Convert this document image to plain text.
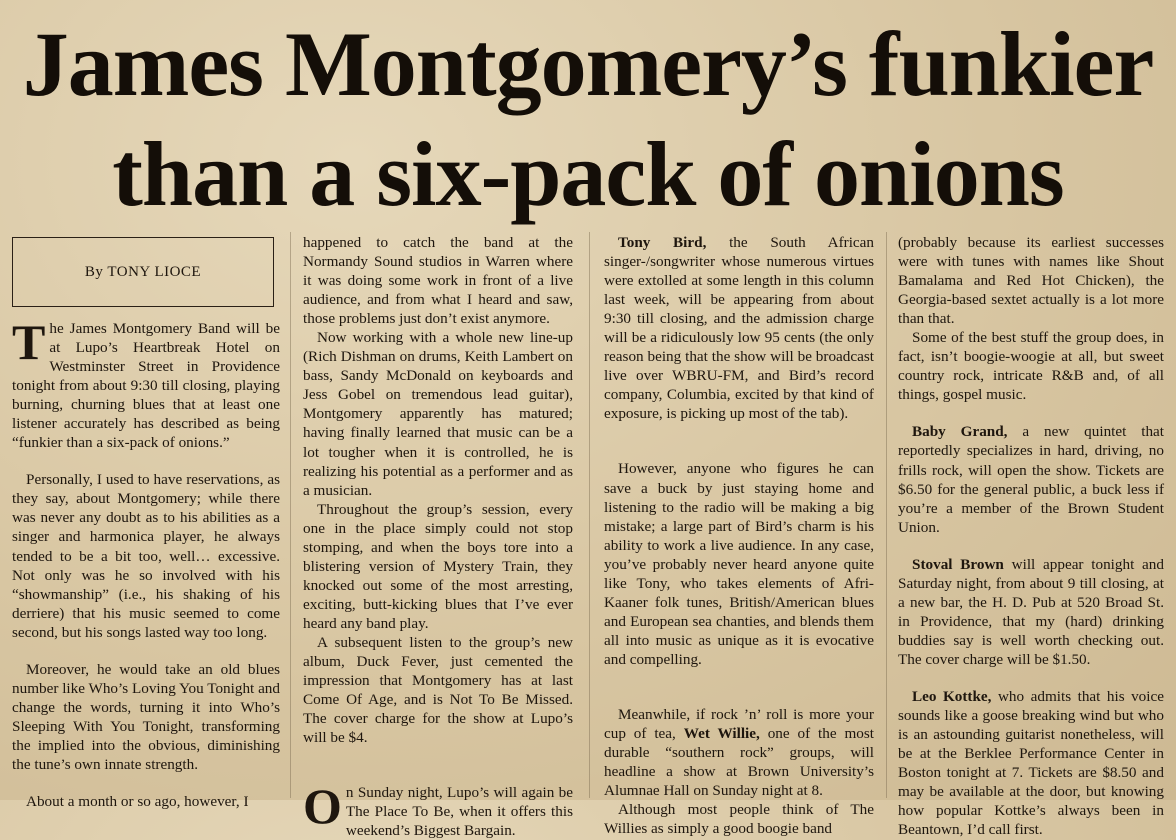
James Montgomery’s funkier
than a six-pack of onions
By TONY LIOCE

The James Montgomery Band will be at Lupo’s Heartbreak Hotel on Westminster Street in Providence tonight from about 9:30 till closing, playing burning, churning blues that at least one listener accurately has described as being “funkier than a six-pack of onions.”

Personally, I used to have reservations, as they say, about Montgomery; while there was never any doubt as to his abilities as a singer and harmonica player, he always tended to be a bit too, well… excessive. Not only was he so involved with his “showmanship” (i.e., his shaking of his derriere) that his music seemed to come second, but his songs lasted way too long.

Moreover, he would take an old blues number like Who’s Loving You Tonight and change the words, turning it into Who’s Sleeping With You Tonight, transforming the implied into the obvious, diminishing the tune’s own innate strength.

About a month or so ago, however, I

happened to catch the band at the Normandy Sound studios in Warren where it was doing some work in front of a live audience, and from what I heard and saw, those problems just don’t exist anymore.

Now working with a whole new line-up (Rich Dishman on drums, Keith Lambert on bass, Sandy McDonald on keyboards and Jess Gobel on tremendous lead guitar), Montgomery apparently has matured; having finally learned that music can be a lot tougher when it is controlled, he is realizing his potential as a performer and as a musician.

Throughout the group’s session, every one in the place simply could not stop stomping, and when the boys tore into a blistering version of Mystery Train, they knocked out some of the most arresting, exciting, butt-kicking blues that I’ve ever heard any band play.

A subsequent listen to the group’s new album, Duck Fever, just cemented the impression that Montgomery has at last Come Of Age, and is Not To Be Missed. The cover charge for the show at Lupo’s will be $4.

On Sunday night, Lupo’s will again be The Place To Be, when it offers this weekend’s Biggest Bargain.

Tony Bird, the South African singer-/songwriter whose numerous virtues were extolled at some length in this column last week, will be appearing from about 9:30 till closing, and the admission charge will be a ridiculously low 95 cents (the only reason being that the show will be broadcast live over WBRU-FM, and Bird’s record company, Columbia, excited by that kind of exposure, is picking up most of the tab).

However, anyone who figures he can save a buck by just staying home and listening to the radio will be making a big mistake; a large part of Bird’s charm is his ability to work a live audience. In any case, you’ve probably never heard anyone quite like Tony, who takes elements of Afri-Kaaner folk tunes, British/American blues and European sea chanties, and blends them all into music as unique as it is evocative and compelling.

Meanwhile, if rock ’n’ roll is more your cup of tea, Wet Willie, one of the most durable “southern rock” groups, will headline a show at Brown University’s Alumnae Hall on Sunday night at 8.

Although most people think of The Willies as simply a good boogie band

(probably because its earliest successes were with tunes with names like Shout Bamalama and Red Hot Chicken), the Georgia-based sextet actually is a lot more than that.

Some of the best stuff the group does, in fact, isn’t boogie-woogie at all, but sweet country rock, intricate R&B and, of all things, gospel music.

Baby Grand, a new quintet that reportedly specializes in hard, driving, no frills rock, will open the show. Tickets are $6.50 for the general public, a buck less if you’re a member of the Brown Student Union.

Stoval Brown will appear tonight and Saturday night, from about 9 till closing, at a new bar, the H. D. Pub at 520 Broad St. in Providence, that my (hard) drinking buddies say is well worth checking out. The cover charge will be $1.50.

Leo Kottke, who admits that his voice sounds like a goose breaking wind but who is an astounding guitarist nonetheless, will be at the Berklee Performance Center in Boston tonight at 7. Tickets are $8.50 and may be available at the door, but knowing how popular Kottke’s always been in Beantown, I’d call first.
